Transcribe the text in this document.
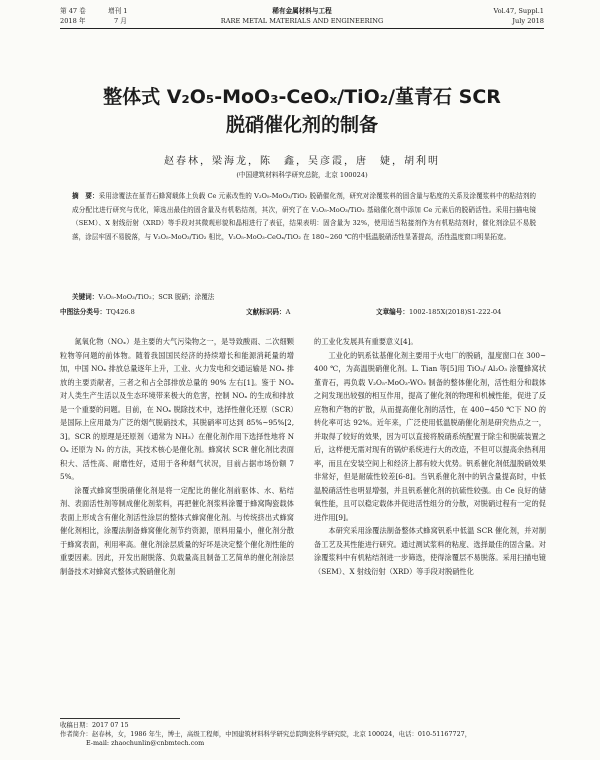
第 47 卷	增刊 1	稀有金属材料与工程	Vol.47, Suppl.1
2018 年	7 月	RARE METAL MATERIALS AND ENGINEERING	July 2018
整体式 V₂O₅-MoO₃-CeOₓ/TiO₂/堇青石 SCR
脱硝催化剂的制备
赵春林，梁海龙，陈　鑫，吴彦霞，唐　婕，胡利明
(中国建筑材料科学研究总院，北京 100024)
摘　要：采用涂覆法在堇青石蜂窝载体上负载 Ce 元素改性的 V₂O₅-MoO₃/TiO₂ 脱硝催化剂，研究对涂覆浆料的固含量与粘度的关系及涂覆浆料中的粘结剂的成分配比进行研究与优化，筛选出最佳的固含量及有机粘结剂，其次，研究了在 V₂O₅-MoO₃/TiO₂ 基础催化剂中添加 Ce 元素后的脱硝活性。采用扫描电镜（SEM）、X 射线衍射（XRD）等手段对其微观形貌和晶相进行了表征，结果表明：固含量为 32%，使用适当粘接剂作为有机粘结剂时，催化剂涂层不易脱落，涂层牢固不易脱落，与 V₂O₅-MoO₃/TiO₂ 相比，V₂O₅-MoO₃-CeOₓ/TiO₂ 在 180~260 ℃的中低温脱硝活性显著提高，活性温度窗口明显拓宽。
关键词：V₂O₅-MoO₃/TiO₂；SCR 脱硝；涂覆法
中图法分类号：TQ426.8	文献标识码：A	文章编号：1002-185X(2018)S1-222-04

氮氧化物（NOₓ）是主要的大气污染物之一，是导致酸雨、二次细颗粒物等问题的前体物。随着我国国民经济的持续增长和能源消耗量的增加，中国 NOₓ 排放总量逐年上升，工业、火力发电和交通运输是 NOₓ 排放的主要贡献者，三者之和占全部排放总量的 90% 左右[1]。鉴于 NOₓ 对人类生产生活以及生态环境带来极大的危害，控制 NOₓ 的生成和排放是一个重要的问题。目前，在 NOₓ 脱除技术中，选择性催化还原（SCR）是国际上应用最为广泛的烟气脱硝技术，其脱硝率可达到 85%~95%[2,3]。SCR 的原理是还原剂（通常为 NH₃）在催化剂作用下选择性地将 NOₓ 还原为 N₂ 的方法，其技术核心是催化剂。蜂窝状 SCR 催化剂比表面积大、活性高、耐磨性好，适用于各种烟气状况，目前占据市场份额 75%。

涂覆式蜂窝型脱硝催化剂是将一定配比的催化剂前驱体、水、粘结剂、表面活性剂等制成催化剂浆料，再把催化剂浆料涂覆于蜂窝陶瓷载体表面上形成含有催化剂活性涂层的整体式蜂窝催化剂。与传统挤出式蜂窝催化剂相比，涂覆法制备蜂窝催化剂节约资源，原料用量小，催化剂分散于蜂窝表面，利用率高。催化剂涂层质量的好坏是决定整个催化剂性能的重要因素。因此，开发出耐脱落、负载量高且制备工艺简单的催化剂涂层制备技术对蜂窝式整体式脱硝催化剂

的工业化发展具有重要意义[4]。

工业化的钒系钛基催化剂主要用于火电厂的脱硝，温度窗口在 300~400 ℃，为高温脱硝催化剂。L. Tian 等[5]用 TiO₂/ Al₂O₃ 涂覆蜂窝状堇青石，再负载 V₂O₅-MoO₃-WO₃ 制备的整体催化剂，活性组分和载体之间发现出较强的相互作用，提高了催化剂的物理和机械性能，促进了反应物和产物的扩散，从而提高催化剂的活性，在 400~450 ℃下 NO 的转化率可达 92%。近年来，广泛使用低温脱硝催化剂是研究热点之一，并取得了较好的效果，因为可以直接将脱硝系统配置于除尘和脱硫装置之后，这样便无需对现有的锅炉系统进行大的改造，不但可以提高余热利用率，而且在安装空间上和经济上都有较大优势。钒系催化剂低温脱硝效果非常好，但是耐硫性较差[6-8]。当钒系催化剂中的钒含量提高时，中低温脱硝活性也明显增强，并且钒系催化剂的抗硫性较强。由 Ce 良好的储氧性能，且可以稳定载体并促进活性组分的分散，对脱硝过程有一定的促进作用[9]。

本研究采用涂覆法制备整体式蜂窝钒系中低温 SCR 催化剂，并对制备工艺及其性能进行研究。通过测试浆料的粘度、选择最佳的固含量。对涂覆浆料中有机粘结剂进一步筛选，使得涂覆层不易脱落。采用扫描电镜（SEM）、X 射线衍射（XRD）等手段对脱硝性化

收稿日期：2017 07 15
作者简介：赵春林，女，1986 年生，博士，高级工程师，中国建筑材料科学研究总院陶瓷科学研究院，北京 100024，电话：010-51167727，
E-mail: zhaochunlin@cnbmtech.com
